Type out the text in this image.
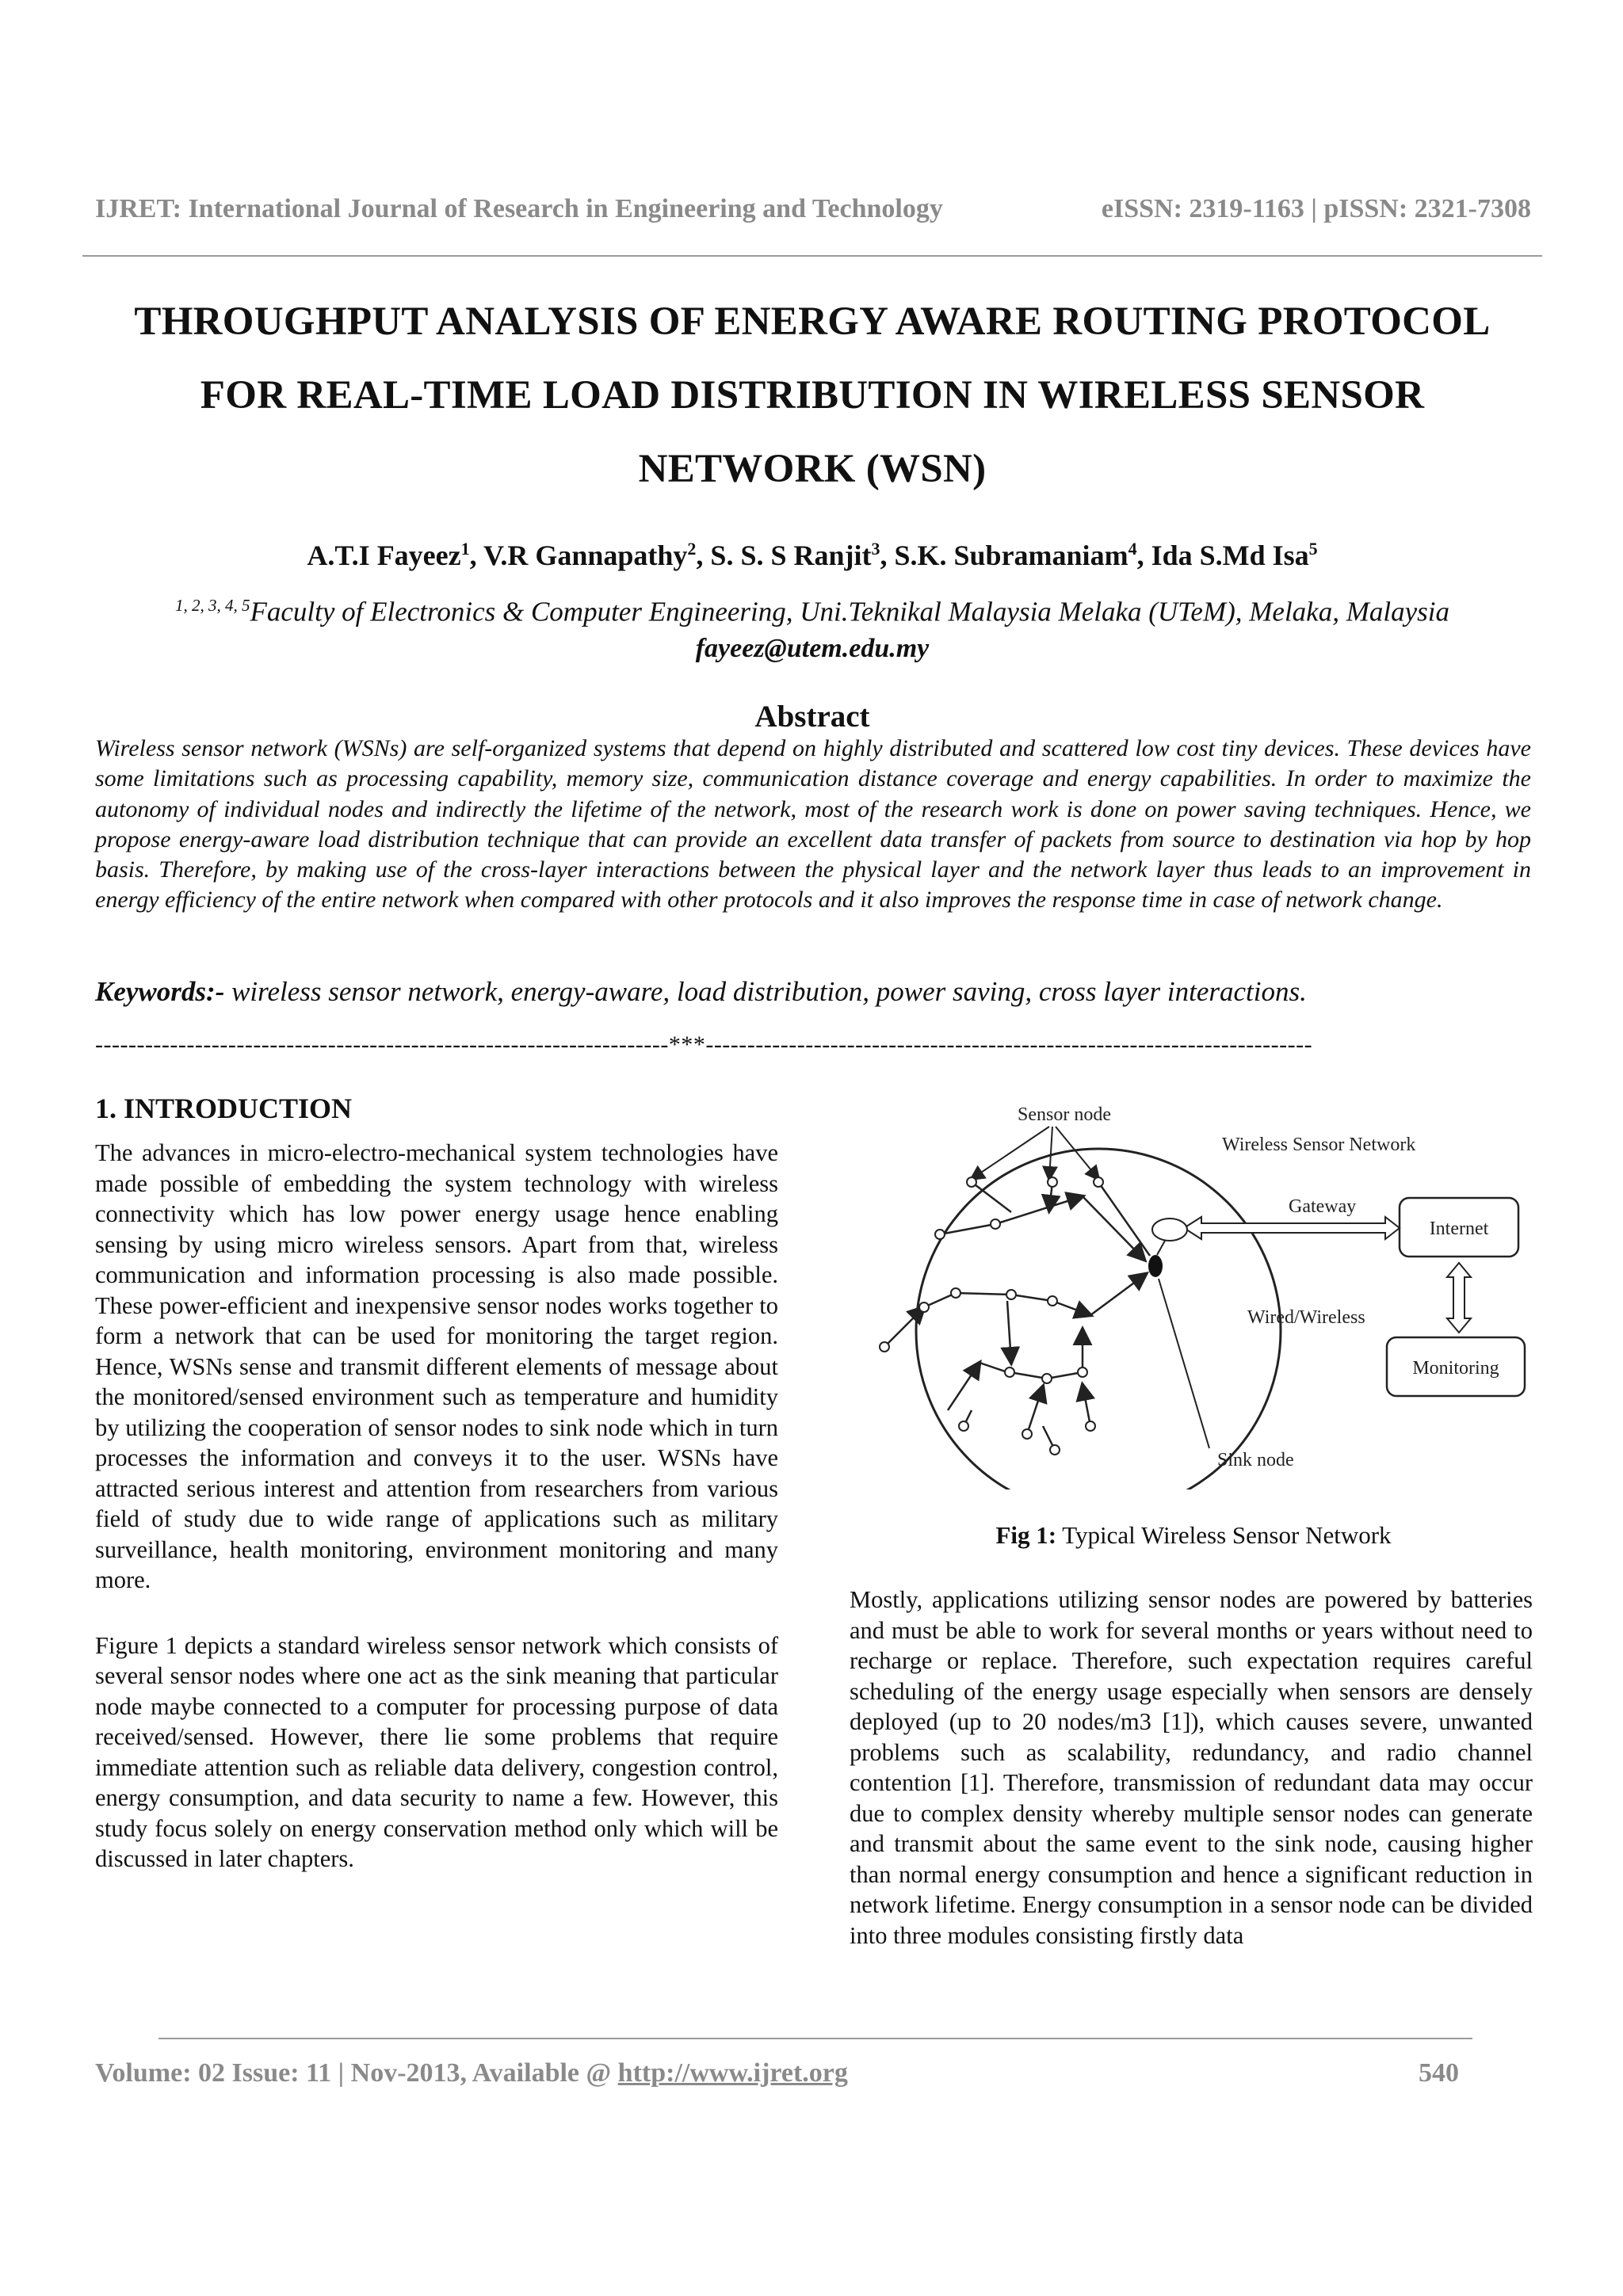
IJRET: International Journal of Research in Engineering and Technology	eISSN: 2319-1163 | pISSN: 2321-7308
THROUGHPUT ANALYSIS OF ENERGY AWARE ROUTING PROTOCOL
FOR REAL-TIME LOAD DISTRIBUTION IN WIRELESS SENSOR
NETWORK (WSN)
A.T.I Fayeez$^1$, V.R Gannapathy$^2$, S. S. S Ranjit$^3$, S.K. Subramaniam$^4$, Ida S.Md Isa$^5$
$^{1, 2, 3, 4, 5}$Faculty of Electronics & Computer Engineering, Uni.Teknikal Malaysia Melaka (UTeM), Melaka, Malaysia
fayeez@utem.edu.my
Abstract

Wireless sensor network (WSNs) are self-organized systems that depend on highly distributed and scattered low cost tiny devices. These devices have some limitations such as processing capability, memory size, communication distance coverage and energy capabilities. In order to maximize the autonomy of individual nodes and indirectly the lifetime of the network, most of the research work is done on power saving techniques. Hence, we propose energy-aware load distribution technique that can provide an excellent data transfer of packets from source to destination via hop by hop basis. Therefore, by making use of the cross-layer interactions between the physical layer and the network layer thus leads to an improvement in energy efficiency of the entire network when compared with other protocols and it also improves the response time in case of network change.

Keywords:- wireless sensor network, energy-aware, load distribution, power saving, cross layer interactions.
---------------------------------------------------------------------***-------------------------------------------------------------------------
1. INTRODUCTION

The advances in micro-electro-mechanical system technologies have made possible of embedding the system technology with wireless connectivity which has low power energy usage hence enabling sensing by using micro wireless sensors. Apart from that, wireless communication and information processing is also made possible. These power-efficient and inexpensive sensor nodes works together to form a network that can be used for monitoring the target region. Hence, WSNs sense and transmit different elements of message about the monitored/sensed environment such as temperature and humidity by utilizing the cooperation of sensor nodes to sink node which in turn processes the information and conveys it to the user. WSNs have attracted serious interest and attention from researchers from various field of study due to wide range of applications such as military surveillance, health monitoring, environment monitoring and many more.

Figure 1 depicts a standard wireless sensor network which consists of several sensor nodes where one act as the sink meaning that particular node maybe connected to a computer for processing purpose of data received/sensed. However, there lie some problems that require immediate attention such as reliable data delivery, congestion control, energy consumption, and data security to name a few. However, this study focus solely on energy conservation method only which will be discussed in later chapters.

Sensor node
Wireless Sensor Network
Gateway
Wired/Wireless
Sink node
Internet
Monitoring
Fig 1: Typical Wireless Sensor Network

Mostly, applications utilizing sensor nodes are powered by batteries and must be able to work for several months or years without need to recharge or replace. Therefore, such expectation requires careful scheduling of the energy usage especially when sensors are densely deployed (up to 20 nodes/m3 [1]), which causes severe, unwanted problems such as scalability, redundancy, and radio channel contention [1]. Therefore, transmission of redundant data may occur due to complex density whereby multiple sensor nodes can generate and transmit about the same event to the sink node, causing higher than normal energy consumption and hence a significant reduction in network lifetime. Energy consumption in a sensor node can be divided into three modules consisting firstly data

Volume: 02 Issue: 11 | Nov-2013, Available @ http://www.ijret.org	540
